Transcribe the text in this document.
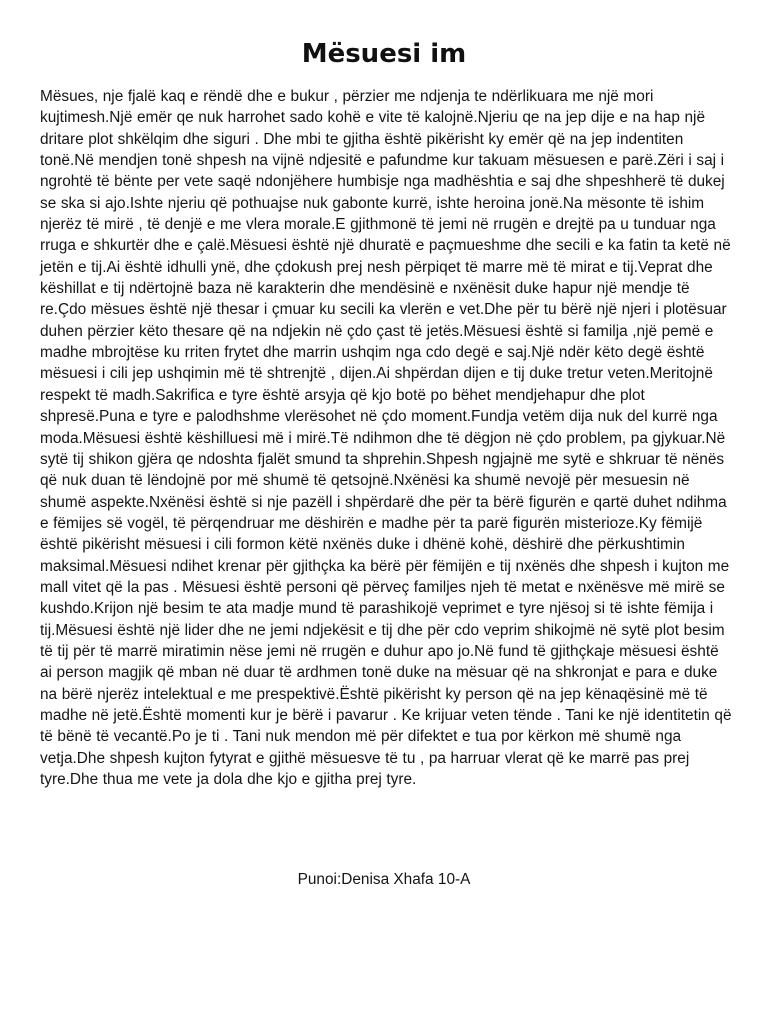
Mësuesi im

Mësues, nje fjalë kaq e rëndë dhe e bukur , përzier me ndjenja te ndërlikuara me një mori kujtimesh.Një emër qe nuk harrohet sado kohë e vite të kalojnë.Njeriu qe na jep dije e na hap një dritare plot shkëlqim dhe siguri . Dhe mbi te gjitha është pikërisht ky emër që na jep indentiten tonë.Në mendjen tonë shpesh na vijnë ndjesitë e pafundme kur takuam mësuesen e parë.Zëri i saj i ngrohtë të bënte per vete saqë ndonjëhere humbisje nga madhështia e saj dhe shpeshherë të dukej se ska si ajo.Ishte njeriu që pothuajse nuk gabonte kurrë, ishte heroina jonë.Na mësonte të ishim njerëz të mirë , të denjë e me vlera morale.E gjithmonë të jemi në rrugën e drejtë pa u tunduar nga rruga e shkurtër dhe e çalë.Mësuesi është një dhuratë e paçmueshme dhe secili e ka fatin ta ketë në jetën e tij.Ai është idhulli ynë, dhe çdokush prej nesh përpiqet të marre më të mirat e tij.Veprat dhe këshillat e tij ndërtojnë baza në karakterin dhe mendësinë e nxënësit duke hapur një mendje të re.Çdo mësues është një thesar i çmuar ku secili ka vlerën e vet.Dhe për tu bërë një njeri i plotësuar duhen përzier këto thesare që na ndjekin në çdo çast të jetës.Mësuesi është si familja ,një pemë e madhe mbrojtëse ku rriten frytet dhe marrin ushqim nga cdo degë e saj.Një ndër këto degë është mësuesi i cili jep ushqimin më të shtrenjtë , dijen.Ai shpërdan dijen e tij duke tretur veten.Meritojnë respekt të madh.Sakrifica e tyre është arsyja që kjo botë po bëhet mendjehapur dhe plot shpresë.Puna e tyre e palodhshme vlerësohet në çdo moment.Fundja vetëm dija nuk del kurrë nga moda.Mësuesi është këshilluesi më i mirë.Të ndihmon dhe të dëgjon në çdo problem, pa gjykuar.Në sytë tij shikon gjëra qe ndoshta fjalët smund ta shprehin.Shpesh ngjajnë me sytë e shkruar të nënës që nuk duan të lëndojnë por më shumë të qetsojnë.Nxënësi ka shumë nevojë për mesuesin në shumë aspekte.Nxënësi është si nje pazëll i shpërdarë dhe për ta bërë figurën e qartë duhet ndihma e fëmijes së vogël, të përqendruar me dëshirën e madhe për ta parë figurën misterioze.Ky fëmijë është pikërisht mësuesi i cili formon këtë nxënës duke i dhënë kohë, dëshirë dhe përkushtimin maksimal.Mësuesi ndihet krenar për gjithçka ka bërë për fëmijën e tij nxënës dhe shpesh i kujton me mall vitet që la pas . Mësuesi është personi që përveç familjes njeh të metat e nxënësve më mirë se kushdo.Krijon një besim te ata madje mund të parashikojë veprimet e tyre njësoj si të ishte fëmija i tij.Mësuesi është një lider dhe ne jemi ndjekësit e tij dhe për cdo veprim shikojmë në sytë plot besim të tij për të marrë miratimin nëse jemi në rrugën e duhur apo jo.Në fund të gjithçkaje mësuesi është ai person magjik që mban në duar të ardhmen tonë duke na mësuar që na shkronjat e para e duke na bërë njerëz intelektual e me prespektivë.Është pikërisht ky person që na jep kënaqësinë më të madhe në jetë.Është momenti kur je bërë i pavarur . Ke krijuar veten tënde . Tani ke një identitetin që të bënë të vecantë.Po je ti . Tani nuk mendon më për difektet e tua por kërkon më shumë nga vetja.Dhe shpesh kujton fytyrat e gjithë mësuesve të tu , pa harruar vlerat që ke marrë pas prej tyre.Dhe thua me vete ja dola dhe kjo e gjitha prej tyre.

Punoi:Denisa Xhafa 10-A
